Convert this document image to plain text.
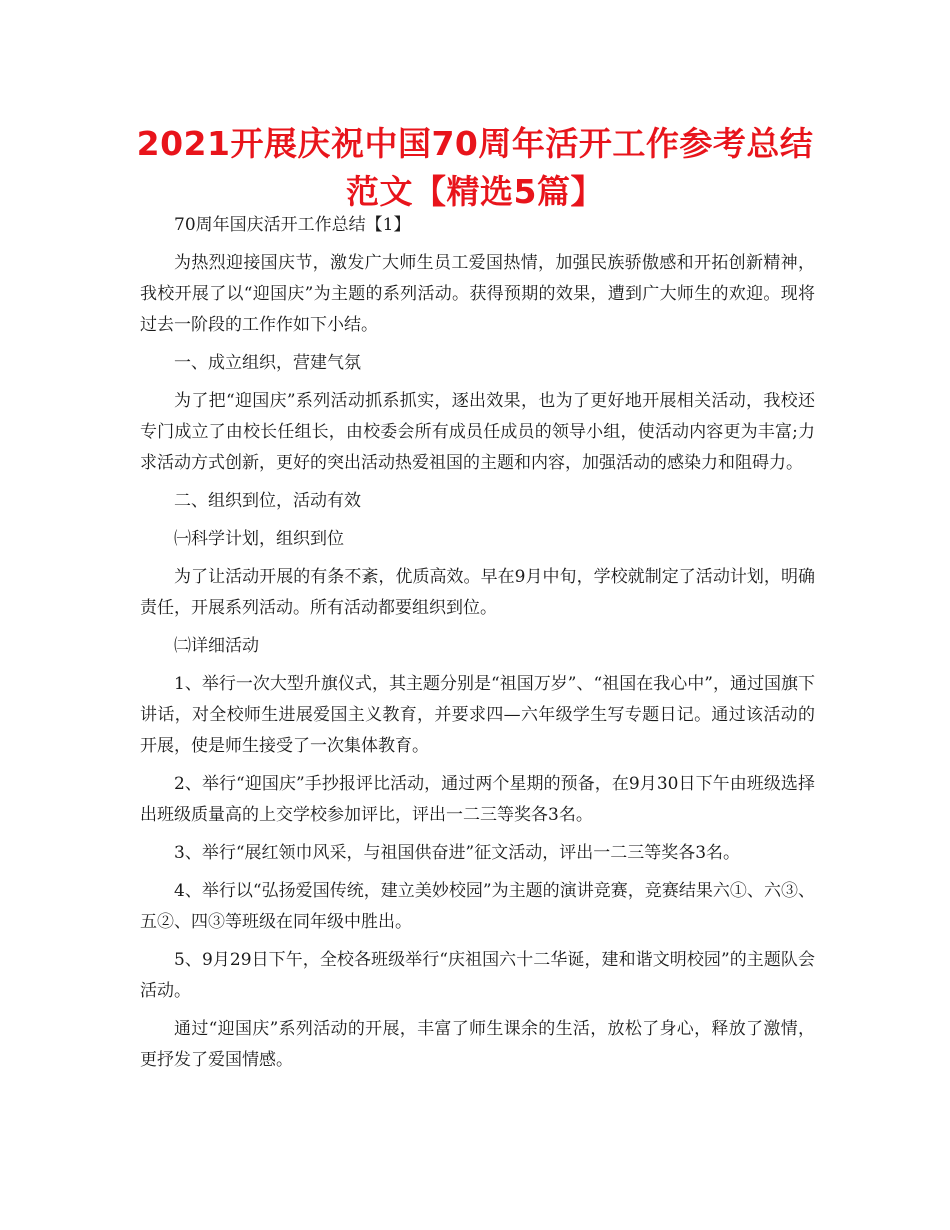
2021开展庆祝中国70周年活开工作参考总结范文【精选5篇】

70周年国庆活开工作总结【1】

为热烈迎接国庆节，激发广大师生员工爱国热情，加强民族骄傲感和开拓创新精神，我校开展了以“迎国庆”为主题的系列活动。获得预期的效果，遭到广大师生的欢迎。现将过去一阶段的工作作如下小结。

一、成立组织，营建气氛

为了把“迎国庆”系列活动抓系抓实，逐出效果，也为了更好地开展相关活动，我校还专门成立了由校长任组长，由校委会所有成员任成员的领导小组，使活动内容更为丰富;力求活动方式创新，更好的突出活动热爱祖国的主题和内容，加强活动的感染力和阻碍力。

二、组织到位，活动有效

㈠科学计划，组织到位

为了让活动开展的有条不紊，优质高效。早在9月中旬，学校就制定了活动计划，明确责任，开展系列活动。所有活动都要组织到位。

㈡详细活动

1、举行一次大型升旗仪式，其主题分别是“祖国万岁”、“祖国在我心中”，通过国旗下讲话，对全校师生进展爱国主义教育，并要求四—六年级学生写专题日记。通过该活动的开展，使是师生接受了一次集体教育。

2、举行“迎国庆”手抄报评比活动，通过两个星期的预备，在9月30日下午由班级选择出班级质量高的上交学校参加评比，评出一二三等奖各3名。

3、举行“展红领巾风采，与祖国供奋进”征文活动，评出一二三等奖各3名。

4、举行以“弘扬爱国传统，建立美妙校园”为主题的演讲竞赛，竞赛结果六①、六③、五②、四③等班级在同年级中胜出。

5、9月29日下午，全校各班级举行“庆祖国六十二华诞，建和谐文明校园”的主题队会活动。

通过“迎国庆”系列活动的开展，丰富了师生课余的生活，放松了身心，释放了激情，更抒发了爱国情感。
